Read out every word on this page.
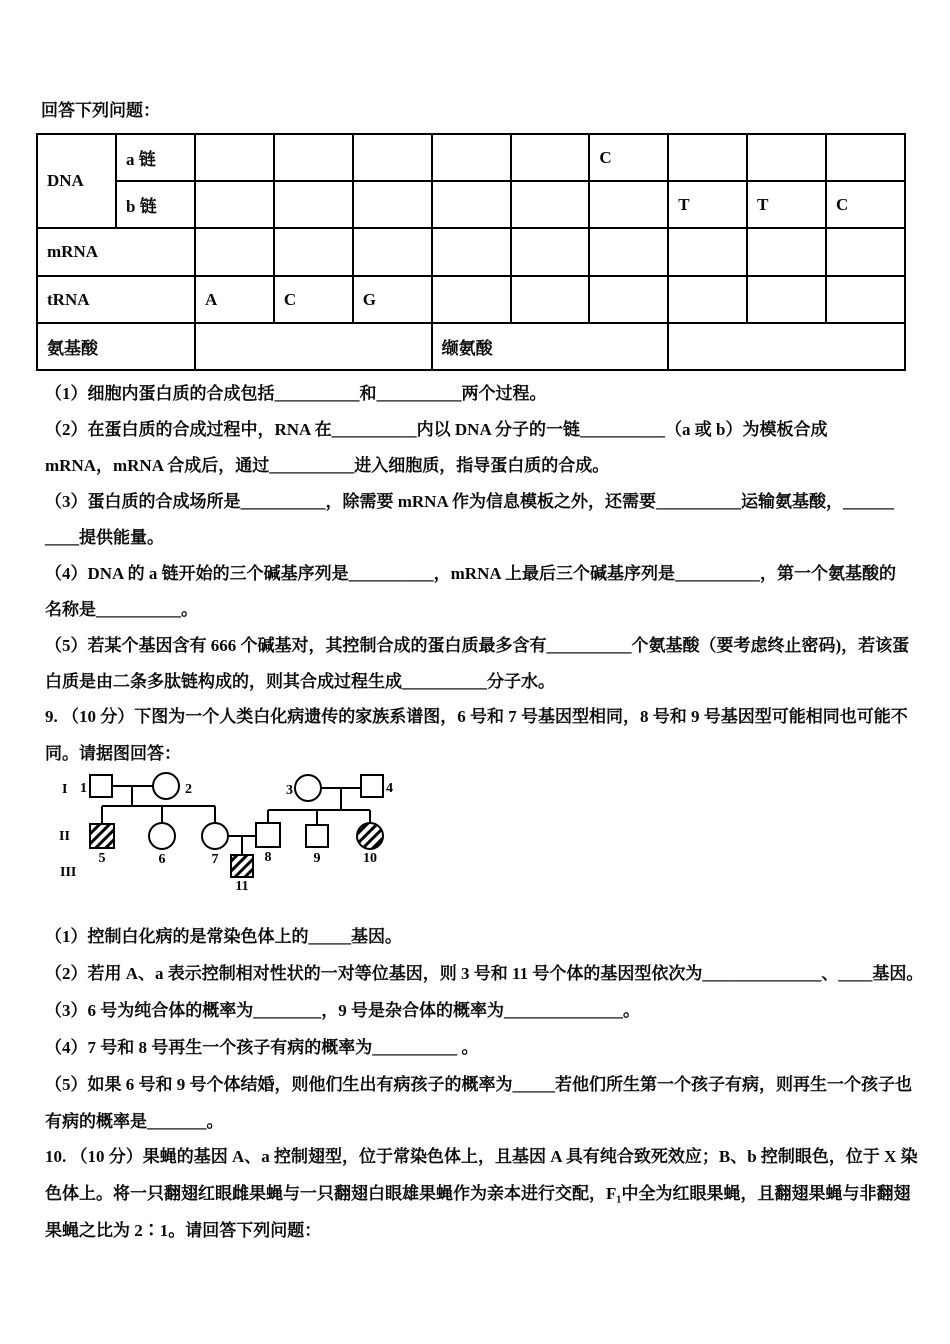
回答下列问题：
DNA	a 链						C			
	b 链							T	T	C
mRNA										
tRNA		A	C	G						
氨基酸					缬氨酸					
（1）细胞内蛋白质的合成包括__________和__________两个过程。
（2）在蛋白质的合成过程中，RNA 在__________内以 DNA 分子的一链__________（a 或 b）为模板合成
mRNA，mRNA 合成后，通过__________进入细胞质，指导蛋白质的合成。
（3）蛋白质的合成场所是__________，除需要 mRNA 作为信息模板之外，还需要__________运输氨基酸，______
____提供能量。
（4）DNA 的 a 链开始的三个碱基序列是__________，mRNA 上最后三个碱基序列是__________，第一个氨基酸的
名称是__________。
（5）若某个基因含有 666 个碱基对，其控制合成的蛋白质最多含有__________个氨基酸（要考虑终止密码)，若该蛋
白质是由二条多肽链构成的，则其合成过程生成__________分子水。
9. （10 分）下图为一个人类白化病遗传的家族系谱图，6 号和 7 号基因型相同，8 号和 9 号基因型可能相同也可能不
同。请据图回答：
I
II
III
1	2	3	4
5	6	7	8	9	10
11
（1）控制白化病的是常染色体上的_____基因。
（2）若用 A、a 表示控制相对性状的一对等位基因，则 3 号和 11 号个体的基因型依次为______________、____基因。
（3）6 号为纯合体的概率为________，9 号是杂合体的概率为______________。
（4）7 号和 8 号再生一个孩子有病的概率为__________ 。
（5）如果 6 号和 9 号个体结婚，则他们生出有病孩子的概率为_____若他们所生第一个孩子有病，则再生一个孩子也
有病的概率是_______。
10. （10 分）果蝇的基因 A、a 控制翅型，位于常染色体上，且基因 A 具有纯合致死效应；B、b 控制眼色，位于 X 染
色体上。将一只翻翅红眼雌果蝇与一只翻翅白眼雄果蝇作为亲本进行交配，F₁中全为红眼果蝇，且翻翅果蝇与非翻翅
果蝇之比为 2∶1。请回答下列问题：
